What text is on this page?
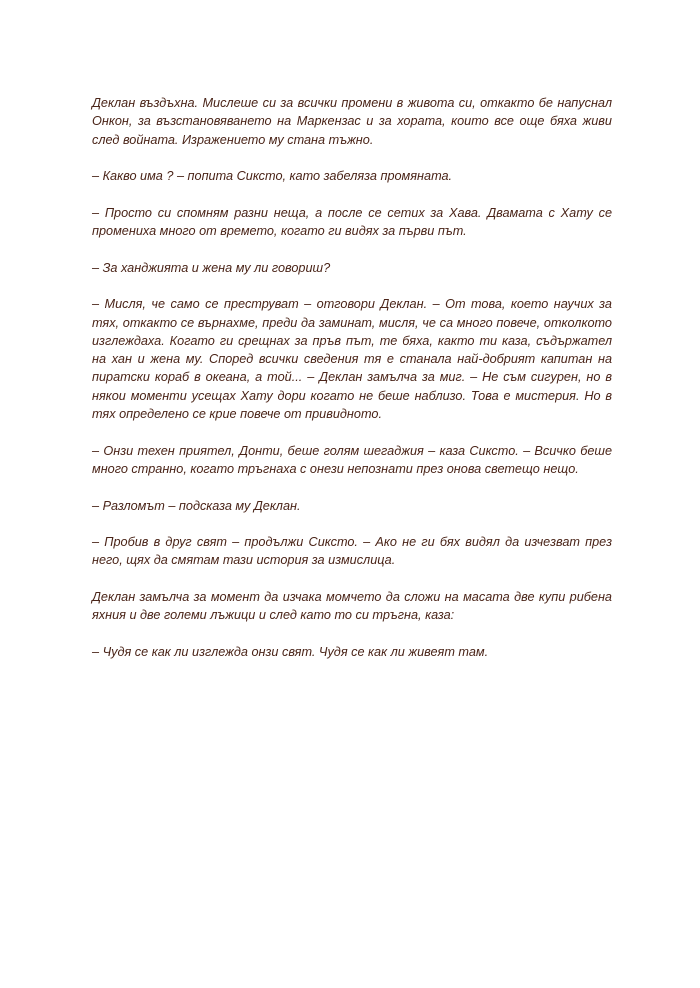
Деклан въздъхна. Мислеше си за всички промени в живота си, откакто бе напуснал Онкон, за възстановяването на Маркензас и за хората, които все още бяха живи след войната. Изражението му стана тъжно.

– Какво има ? – попита Сиксто, като забеляза промяната.

– Просто си спомням разни неща, а после се сетих за Хава. Двамата с Хату се промениха много от времето, когато ги видях за първи път.

– За ханджията и жена му ли говориш?

– Мисля, че само се преструват – отговори Деклан. – От това, което научих за тях, откакто се върнахме, преди да заминат, мисля, че са много повече, отколкото изглеждаха. Когато ги срещнах за пръв път, те бяха, както ти каза, съдържател на хан и жена му. Според всички сведения тя е станала най-добрият капитан на пиратски кораб в океана, а той... – Деклан замълча за миг. – Не съм сигурен, но в някои моменти усещах Хату дори когато не беше наблизо. Това е мистерия. Но в тях определено се крие повече от привидното.

– Онзи техен приятел, Донти, беше голям шегаджия – каза Сиксто. – Всичко беше много странно, когато тръгнаха с онези непознати през онова светещо нещо.

– Разломът – подсказа му Деклан.

– Пробив в друг свят – продължи Сиксто. – Ако не ги бях видял да изчезват през него, щях да смятам тази история за измислица.

Деклан замълча за момент да изчака момчето да сложи на масата две купи рибена яхния и две големи лъжици и след като то си тръгна, каза:

– Чудя се как ли изглежда онзи свят. Чудя се как ли живеят там.
